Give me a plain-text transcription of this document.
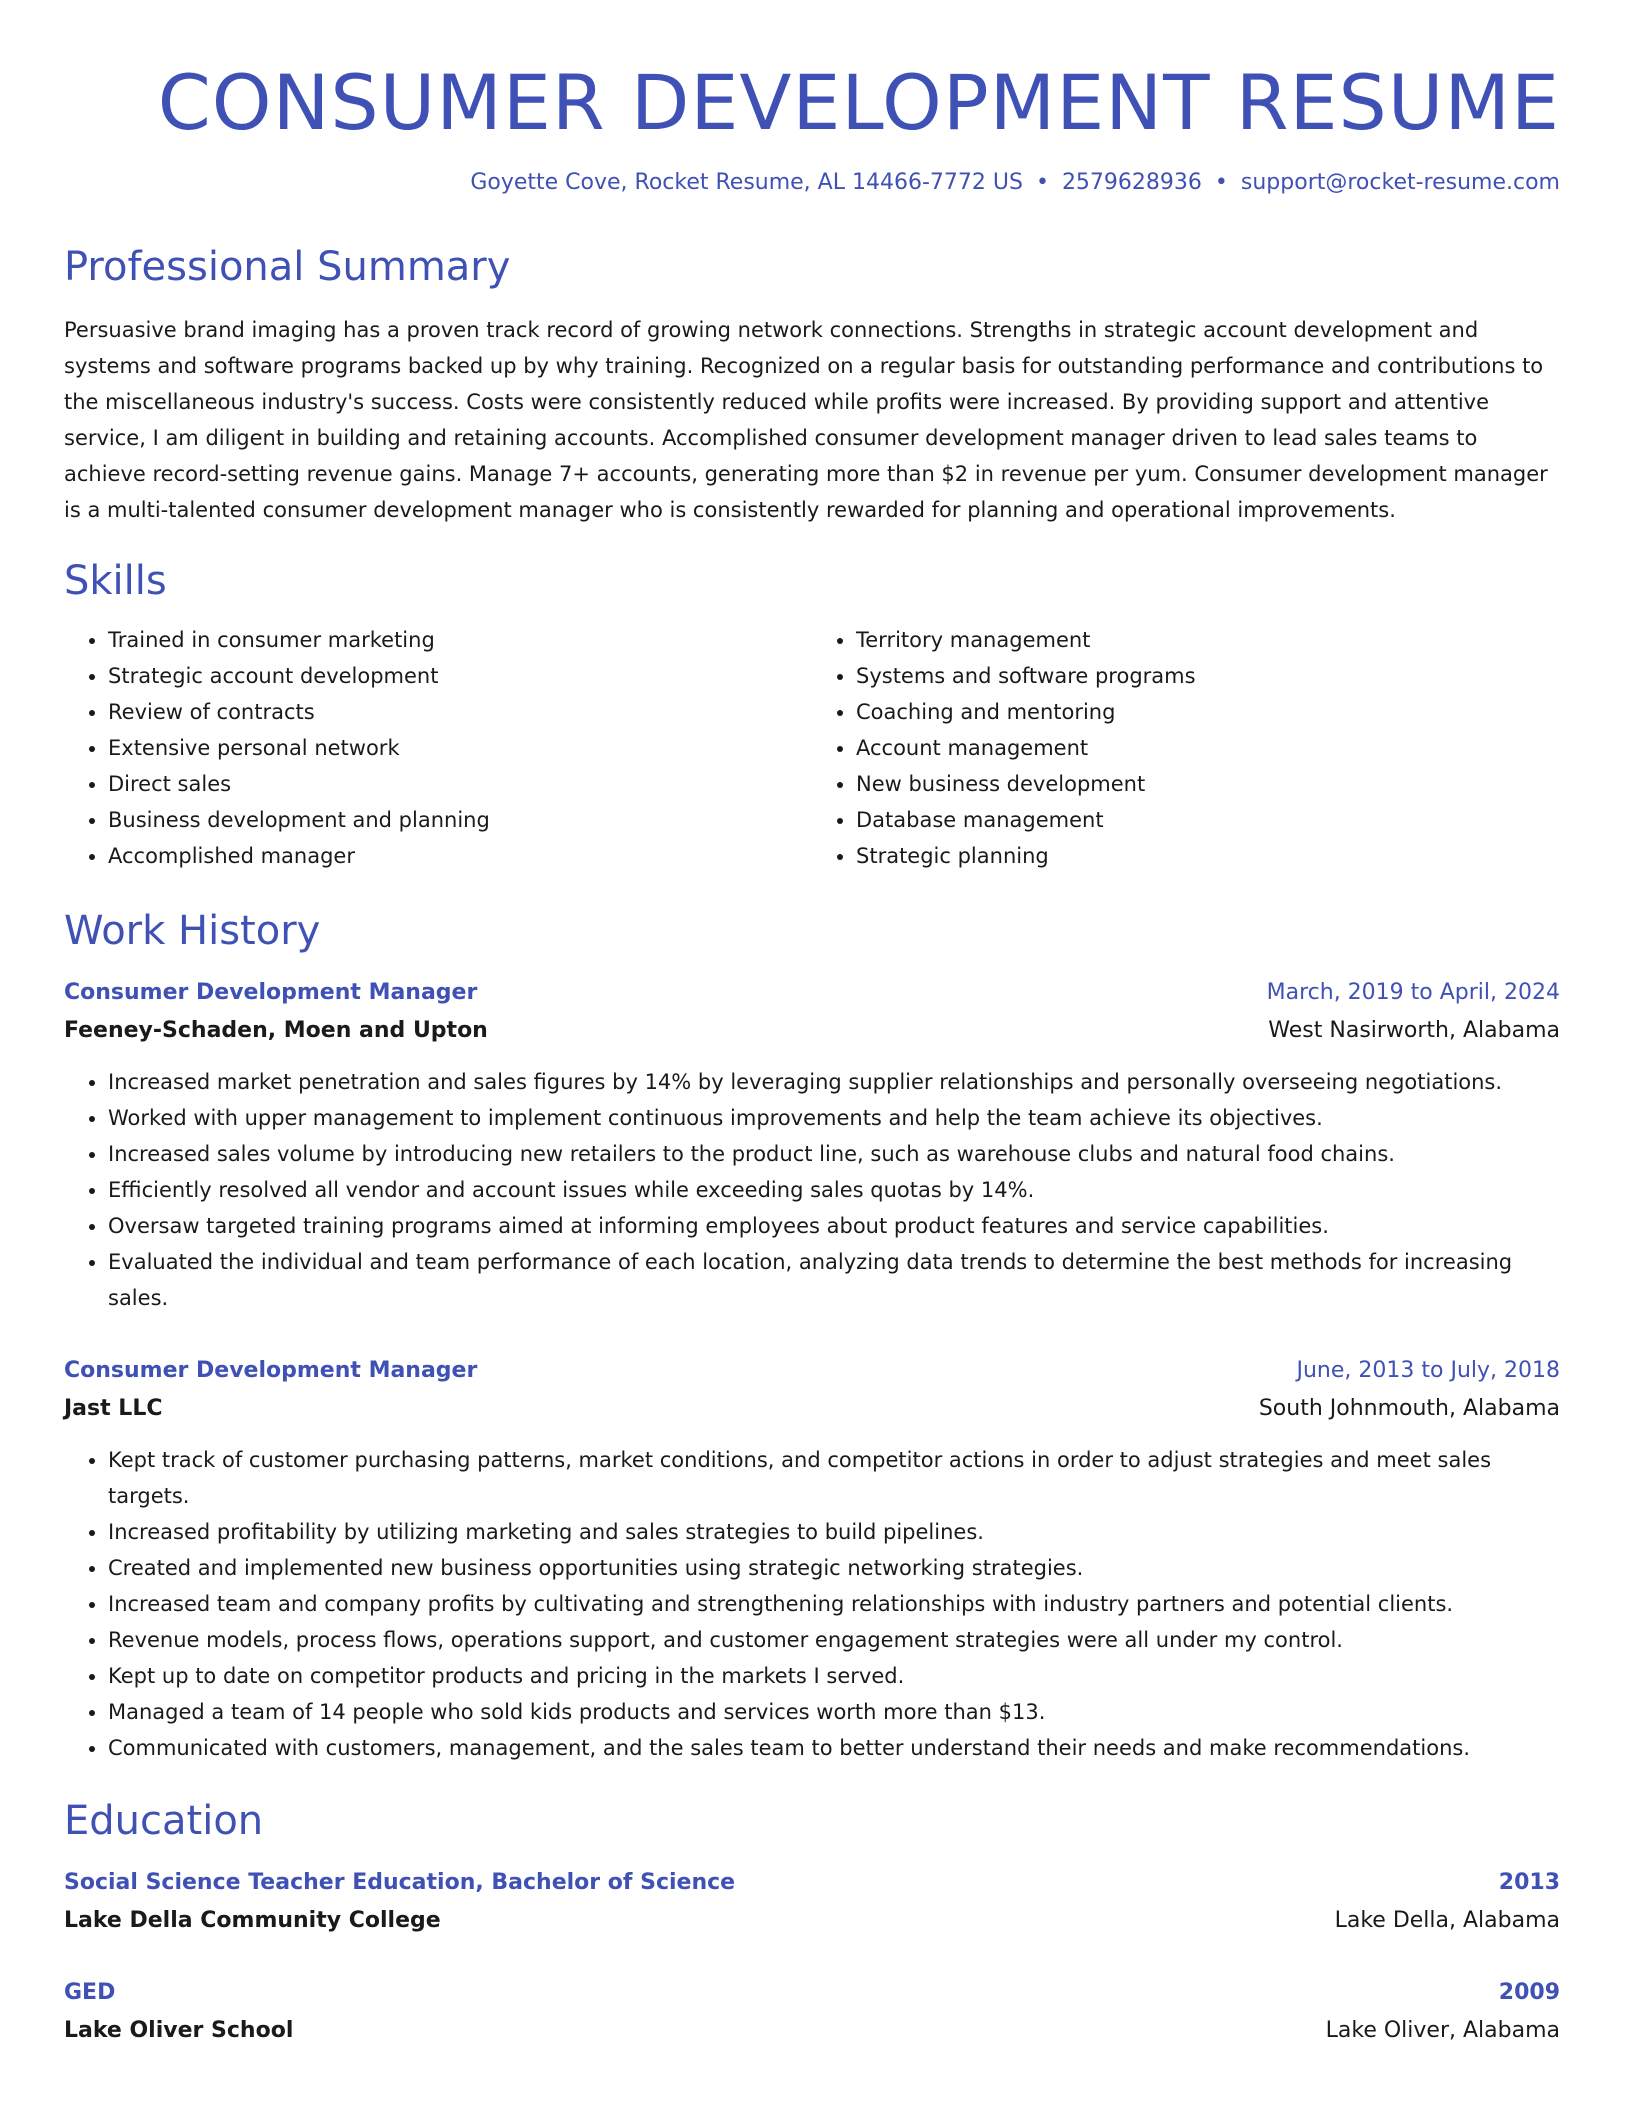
CONSUMER DEVELOPMENT RESUME
Goyette Cove, Rocket Resume, AL 14466-7772 US • 2579628936 • support@rocket-resume.com
Professional Summary
Persuasive brand imaging has a proven track record of growing network connections. Strengths in strategic account development and systems and software programs backed up by why training. Recognized on a regular basis for outstanding performance and contributions to the miscellaneous industry's success. Costs were consistently reduced while profits were increased. By providing support and attentive service, I am diligent in building and retaining accounts. Accomplished consumer development manager driven to lead sales teams to achieve record-setting revenue gains. Manage 7+ accounts, generating more than $2 in revenue per yum. Consumer development manager is a multi-talented consumer development manager who is consistently rewarded for planning and operational improvements.
Skills
• Trained in consumer marketing
• Strategic account development
• Review of contracts
• Extensive personal network
• Direct sales
• Business development and planning
• Accomplished manager
• Territory management
• Systems and software programs
• Coaching and mentoring
• Account management
• New business development
• Database management
• Strategic planning
Work History
Consumer Development Manager	March, 2019 to April, 2024
Feeney-Schaden, Moen and Upton	West Nasirworth, Alabama
• Increased market penetration and sales figures by 14% by leveraging supplier relationships and personally overseeing negotiations.
• Worked with upper management to implement continuous improvements and help the team achieve its objectives.
• Increased sales volume by introducing new retailers to the product line, such as warehouse clubs and natural food chains.
• Efficiently resolved all vendor and account issues while exceeding sales quotas by 14%.
• Oversaw targeted training programs aimed at informing employees about product features and service capabilities.
• Evaluated the individual and team performance of each location, analyzing data trends to determine the best methods for increasing sales.
Consumer Development Manager	June, 2013 to July, 2018
Jast LLC	South Johnmouth, Alabama
• Kept track of customer purchasing patterns, market conditions, and competitor actions in order to adjust strategies and meet sales targets.
• Increased profitability by utilizing marketing and sales strategies to build pipelines.
• Created and implemented new business opportunities using strategic networking strategies.
• Increased team and company profits by cultivating and strengthening relationships with industry partners and potential clients.
• Revenue models, process flows, operations support, and customer engagement strategies were all under my control.
• Kept up to date on competitor products and pricing in the markets I served.
• Managed a team of 14 people who sold kids products and services worth more than $13.
• Communicated with customers, management, and the sales team to better understand their needs and make recommendations.
Education
Social Science Teacher Education, Bachelor of Science	2013
Lake Della Community College	Lake Della, Alabama
GED	2009
Lake Oliver School	Lake Oliver, Alabama
